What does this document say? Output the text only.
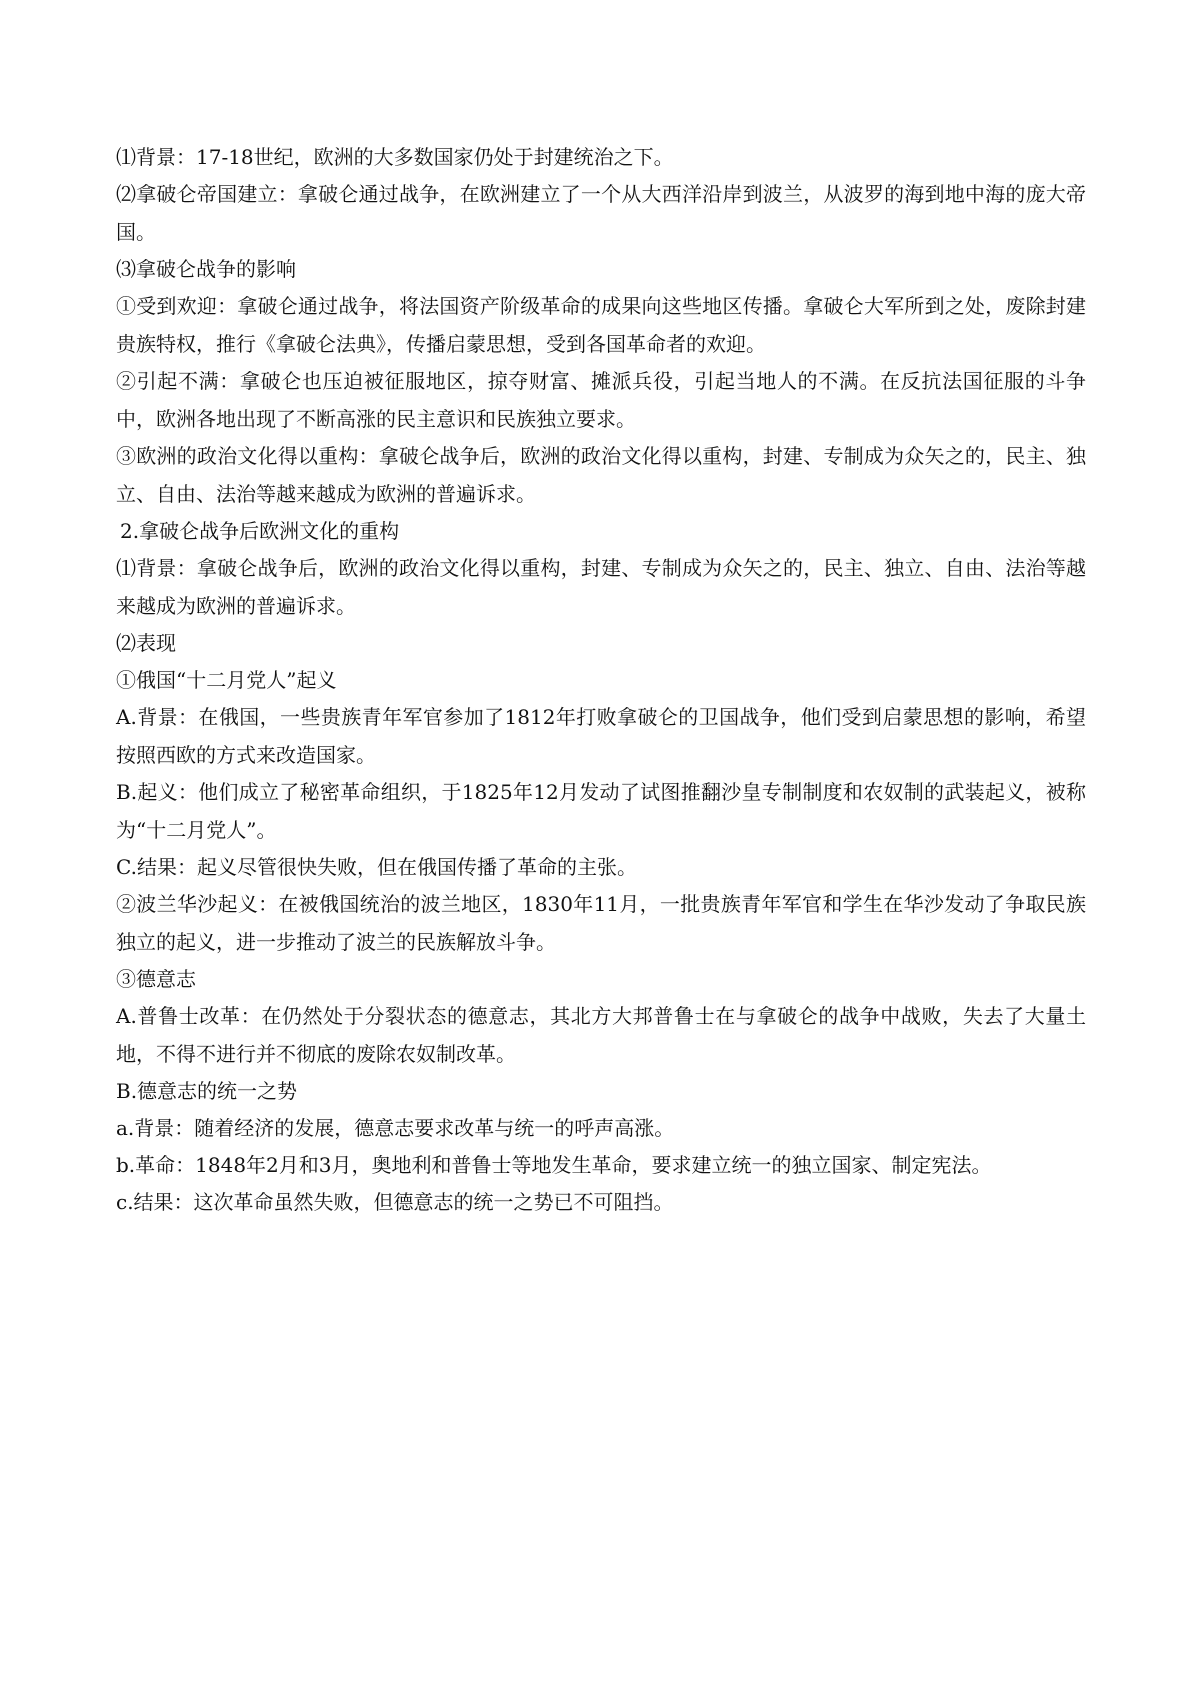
⑴背景：17-18世纪，欧洲的大多数国家仍处于封建统治之下。

⑵拿破仑帝国建立：拿破仑通过战争，在欧洲建立了一个从大西洋沿岸到波兰，从波罗的海到地中海的庞大帝国。

⑶拿破仑战争的影响

①受到欢迎：拿破仑通过战争，将法国资产阶级革命的成果向这些地区传播。拿破仑大军所到之处，废除封建贵族特权，推行《拿破仑法典》，传播启蒙思想，受到各国革命者的欢迎。

②引起不满：拿破仑也压迫被征服地区，掠夺财富、摊派兵役，引起当地人的不满。在反抗法国征服的斗争中，欧洲各地出现了不断高涨的民主意识和民族独立要求。

③欧洲的政治文化得以重构：拿破仑战争后，欧洲的政治文化得以重构，封建、专制成为众矢之的，民主、独立、自由、法治等越来越成为欧洲的普遍诉求。

2.拿破仑战争后欧洲文化的重构

⑴背景：拿破仑战争后，欧洲的政治文化得以重构，封建、专制成为众矢之的，民主、独立、自由、法治等越来越成为欧洲的普遍诉求。

⑵表现

①俄国“十二月党人”起义

A.背景：在俄国，一些贵族青年军官参加了1812年打败拿破仑的卫国战争，他们受到启蒙思想的影响，希望按照西欧的方式来改造国家。

B.起义：他们成立了秘密革命组织，于1825年12月发动了试图推翻沙皇专制制度和农奴制的武装起义，被称为“十二月党人”。

C.结果：起义尽管很快失败，但在俄国传播了革命的主张。

②波兰华沙起义：在被俄国统治的波兰地区，1830年11月，一批贵族青年军官和学生在华沙发动了争取民族独立的起义，进一步推动了波兰的民族解放斗争。

③德意志

A.普鲁士改革：在仍然处于分裂状态的德意志，其北方大邦普鲁士在与拿破仑的战争中战败，失去了大量土地，不得不进行并不彻底的废除农奴制改革。

B.德意志的统一之势

a.背景：随着经济的发展，德意志要求改革与统一的呼声高涨。

b.革命：1848年2月和3月，奥地利和普鲁士等地发生革命，要求建立统一的独立国家、制定宪法。

c.结果：这次革命虽然失败，但德意志的统一之势已不可阻挡。
